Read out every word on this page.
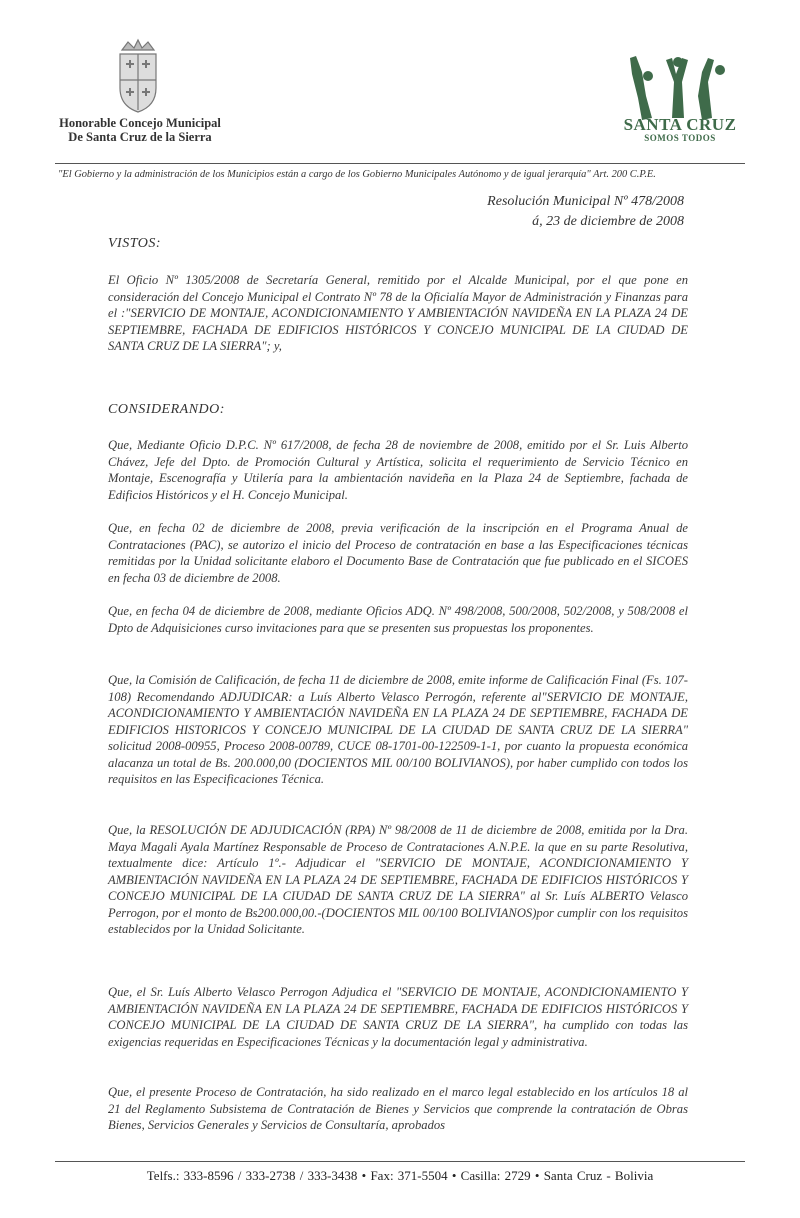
Honorable Concejo Municipal
De Santa Cruz de la Sierra
SANTA CRUZ
SOMOS TODOS
"El Gobierno y la administración de los Municipios están a cargo de los Gobierno Municipales Autónomo y de igual jerarquía" Art. 200 C.P.E.
Resolución Municipal Nº 478/2008
á, 23 de diciembre de 2008
VISTOS:
El Oficio Nº 1305/2008 de Secretaría General, remitido por el Alcalde Municipal, por el que pone en consideración del Concejo Municipal el Contrato Nº 78 de la Oficialía Mayor de Administración y Finanzas para el :"SERVICIO DE MONTAJE, ACONDICIONAMIENTO Y AMBIENTACIÓN NAVIDEÑA EN LA PLAZA 24 DE SEPTIEMBRE, FACHADA DE EDIFICIOS HISTÓRICOS Y CONCEJO MUNICIPAL DE LA CIUDAD DE SANTA CRUZ DE LA SIERRA"; y,
CONSIDERANDO:
Que, Mediante Oficio D.P.C. Nº 617/2008, de fecha 28 de noviembre de 2008, emitido por el Sr. Luis Alberto Chávez, Jefe del Dpto. de Promoción Cultural y Artística, solicita el requerimiento de Servicio Técnico en Montaje, Escenografía y Utilería para la ambientación navideña en la Plaza 24 de Septiembre, fachada de Edificios Históricos y el H. Concejo Municipal.
Que, en fecha 02 de diciembre de 2008, previa verificación de la inscripción en el Programa Anual de Contrataciones (PAC), se autorizo el inicio del Proceso de contratación en base a las Especificaciones técnicas remitidas por la Unidad solicitante elaboro el Documento Base de Contratación que fue publicado en el SICOES en fecha 03 de diciembre de 2008.
Que, en fecha 04 de diciembre de 2008, mediante Oficios ADQ. Nº 498/2008, 500/2008, 502/2008, y 508/2008 el Dpto de Adquisiciones curso invitaciones para que se presenten sus propuestas los proponentes.
Que, la Comisión de Calificación, de fecha 11 de diciembre de 2008, emite informe de Calificación Final (Fs. 107-108) Recomendando ADJUDICAR: a Luís Alberto Velasco Perrogón, referente al"SERVICIO DE MONTAJE, ACONDICIONAMIENTO Y AMBIENTACIÓN NAVIDEÑA EN LA PLAZA 24 DE SEPTIEMBRE, FACHADA DE EDIFICIOS HISTORICOS Y CONCEJO MUNICIPAL DE LA CIUDAD DE SANTA CRUZ DE LA SIERRA" solicitud 2008-00955, Proceso 2008-00789, CUCE 08-1701-00-122509-1-1, por cuanto la propuesta económica alacanza un total de Bs. 200.000,00 (DOCIENTOS MIL 00/100 BOLIVIANOS), por haber cumplido con todos los requisitos en las Especificaciones Técnica.
Que, la RESOLUCIÓN DE ADJUDICACIÓN (RPA) Nº 98/2008 de 11 de diciembre de 2008, emitida por la Dra. Maya Magali Ayala Martínez Responsable de Proceso de Contrataciones A.N.P.E. la que en su parte Resolutiva, textualmente dice: Artículo 1º.- Adjudicar el "SERVICIO DE MONTAJE, ACONDICIONAMIENTO Y AMBIENTACIÓN NAVIDEÑA EN LA PLAZA 24 DE SEPTIEMBRE, FACHADA DE EDIFICIOS HISTÓRICOS Y CONCEJO MUNICIPAL DE LA CIUDAD DE SANTA CRUZ DE LA SIERRA" al Sr. Luís ALBERTO Velasco Perrogon, por el monto de Bs200.000,00.-(DOCIENTOS MIL 00/100 BOLIVIANOS)por cumplir con los requisitos establecidos por la Unidad Solicitante.
Que, el Sr. Luís Alberto Velasco Perrogon Adjudica el "SERVICIO DE MONTAJE, ACONDICIONAMIENTO Y AMBIENTACIÓN NAVIDEÑA EN LA PLAZA 24 DE SEPTIEMBRE, FACHADA DE EDIFICIOS HISTÓRICOS Y CONCEJO MUNICIPAL DE LA CIUDAD DE SANTA CRUZ DE LA SIERRA", ha cumplido con todas las exigencias requeridas en Especificaciones Técnicas y la documentación legal y administrativa.
Que, el presente Proceso de Contratación, ha sido realizado en el marco legal establecido en los artículos 18 al 21 del Reglamento Subsistema de Contratación de Bienes y Servicios que comprende la contratación de Obras Bienes, Servicios Generales y Servicios de Consultaría, aprobados
Telfs.: 333-8596 / 333-2738 / 333-3438 • Fax: 371-5504 • Casilla: 2729 • Santa Cruz - Bolivia
